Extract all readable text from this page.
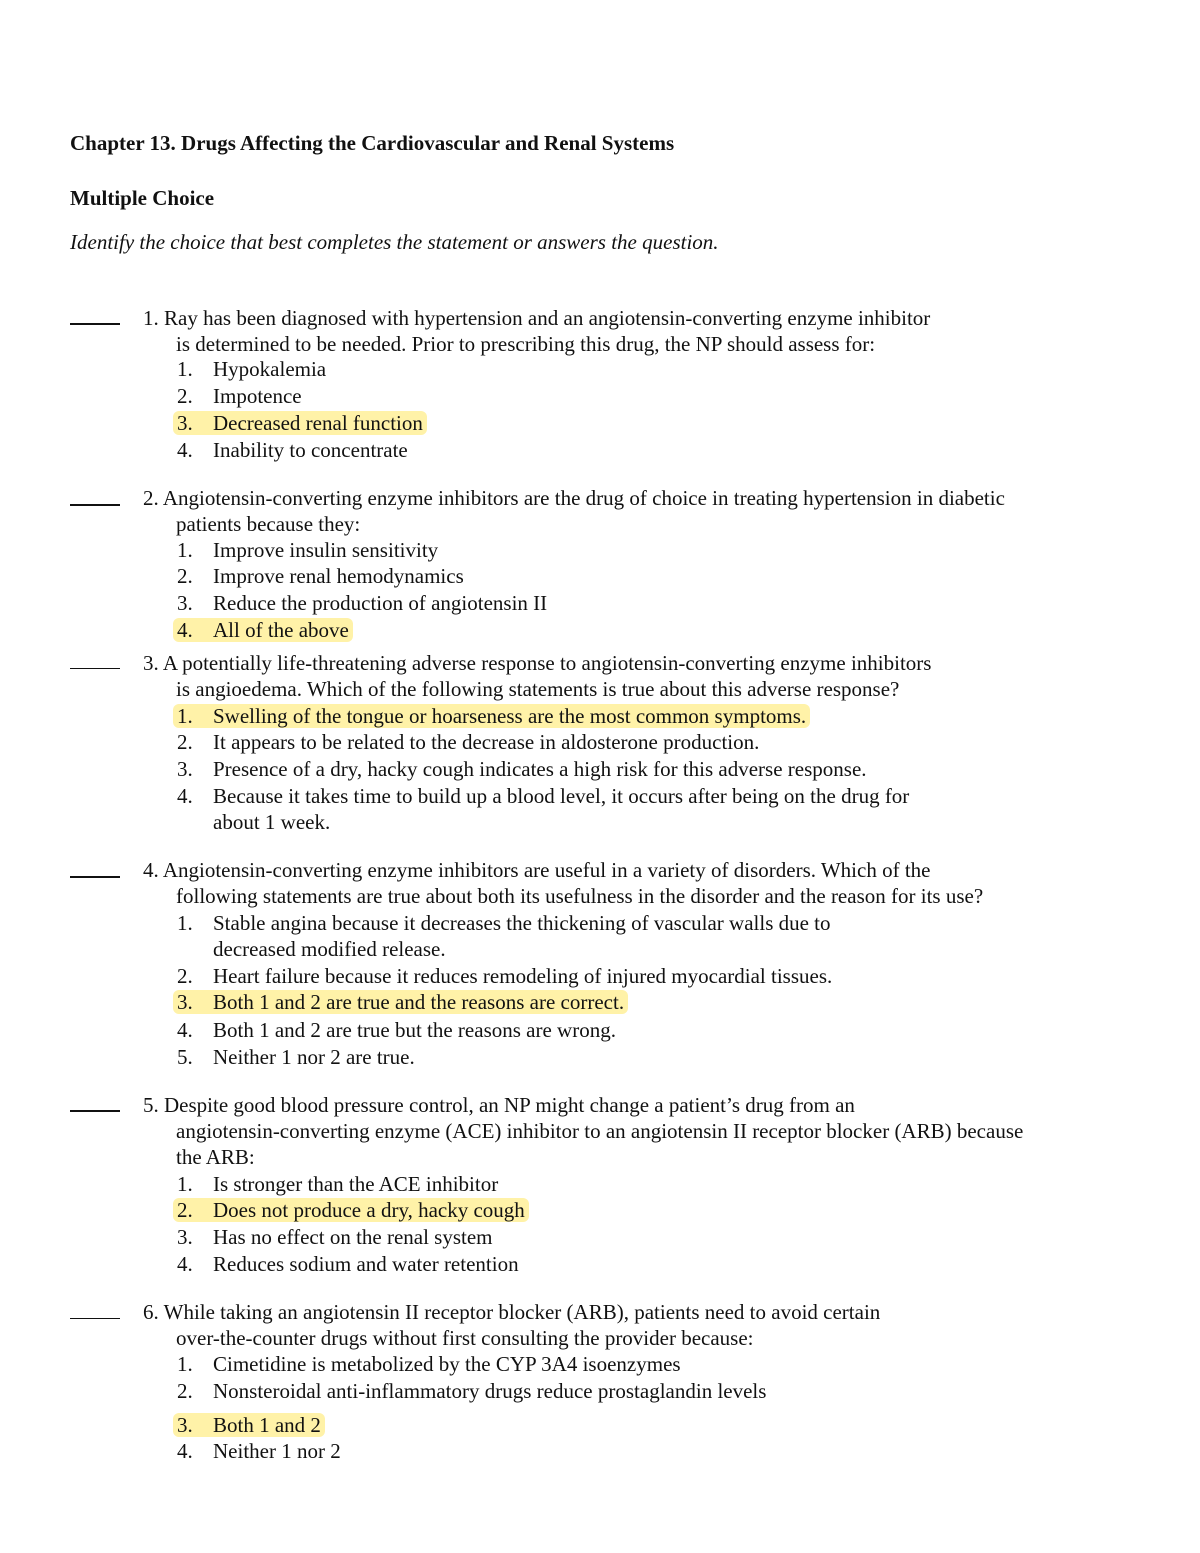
Chapter 13. Drugs Affecting the Cardiovascular and Renal Systems
Multiple Choice

Identify the choice that best completes the statement or answers the question.

1. Ray has been diagnosed with hypertension and an angiotensin-converting enzyme inhibitor
is determined to be needed. Prior to prescribing this drug, the NP should assess for:
1. Hypokalemia
2. Impotence
3. Decreased renal function
4. Inability to concentrate
2. Angiotensin-converting enzyme inhibitors are the drug of choice in treating hypertension in diabetic
patients because they:
1. Improve insulin sensitivity
2. Improve renal hemodynamics
3. Reduce the production of angiotensin II
4. All of the above
3. A potentially life-threatening adverse response to angiotensin-converting enzyme inhibitors
is angioedema. Which of the following statements is true about this adverse response?
1. Swelling of the tongue or hoarseness are the most common symptoms.
2. It appears to be related to the decrease in aldosterone production.
3. Presence of a dry, hacky cough indicates a high risk for this adverse response.
4. Because it takes time to build up a blood level, it occurs after being on the drug for
about 1 week.
4. Angiotensin-converting enzyme inhibitors are useful in a variety of disorders. Which of the
following statements are true about both its usefulness in the disorder and the reason for its use?
1. Stable angina because it decreases the thickening of vascular walls due to
decreased modified release.
2. Heart failure because it reduces remodeling of injured myocardial tissues.
3. Both 1 and 2 are true and the reasons are correct.
4. Both 1 and 2 are true but the reasons are wrong.
5. Neither 1 nor 2 are true.
5. Despite good blood pressure control, an NP might change a patient’s drug from an
angiotensin-converting enzyme (ACE) inhibitor to an angiotensin II receptor blocker (ARB) because
the ARB:
1. Is stronger than the ACE inhibitor
2. Does not produce a dry, hacky cough
3. Has no effect on the renal system
4. Reduces sodium and water retention
6. While taking an angiotensin II receptor blocker (ARB), patients need to avoid certain
over-the-counter drugs without first consulting the provider because:
1. Cimetidine is metabolized by the CYP 3A4 isoenzymes
2. Nonsteroidal anti-inflammatory drugs reduce prostaglandin levels
3. Both 1 and 2
4. Neither 1 nor 2
